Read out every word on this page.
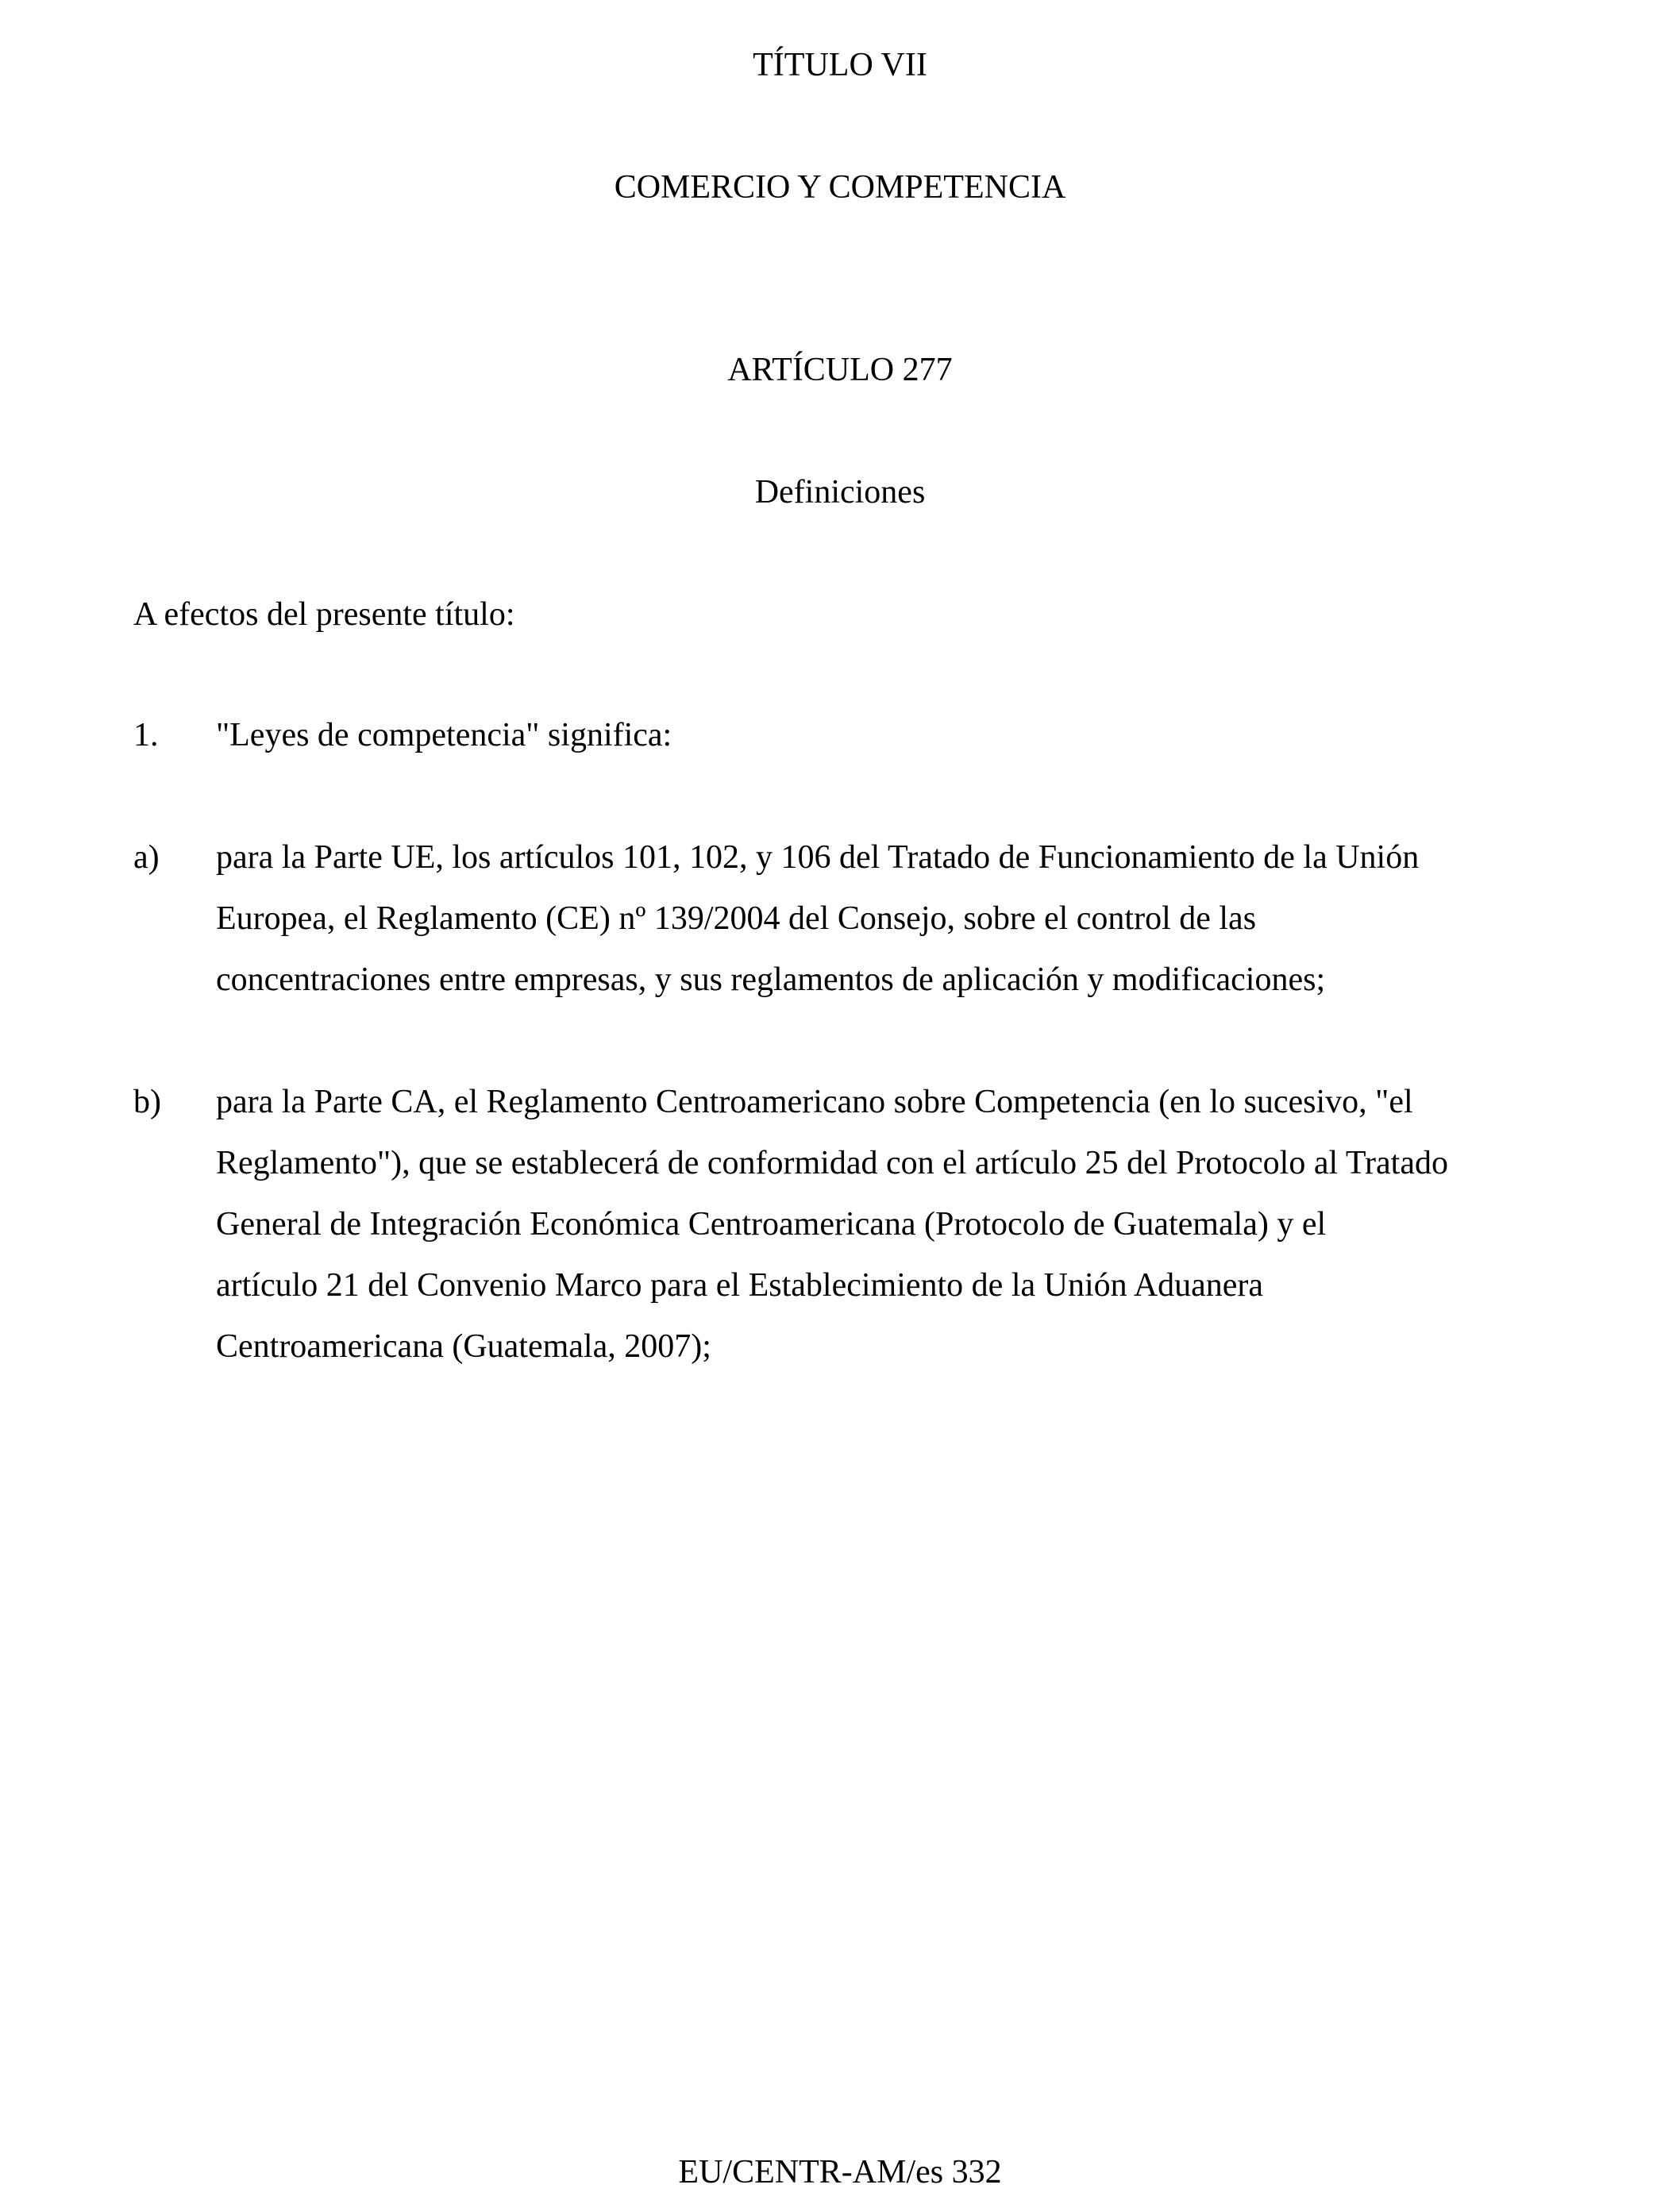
TÍTULO VII
COMERCIO Y COMPETENCIA
ARTÍCULO 277
Definiciones
A efectos del presente título:
1. "Leyes de competencia" significa:
a) para la Parte UE, los artículos 101, 102, y 106 del Tratado de Funcionamiento de la Unión
Europea, el Reglamento (CE) nº 139/2004 del Consejo, sobre el control de las
concentraciones entre empresas, y sus reglamentos de aplicación y modificaciones;
b) para la Parte CA, el Reglamento Centroamericano sobre Competencia (en lo sucesivo, "el
Reglamento"), que se establecerá de conformidad con el artículo 25 del Protocolo al Tratado
General de Integración Económica Centroamericana (Protocolo de Guatemala) y el
artículo 21 del Convenio Marco para el Establecimiento de la Unión Aduanera
Centroamericana (Guatemala, 2007);
EU/CENTR-AM/es 332
